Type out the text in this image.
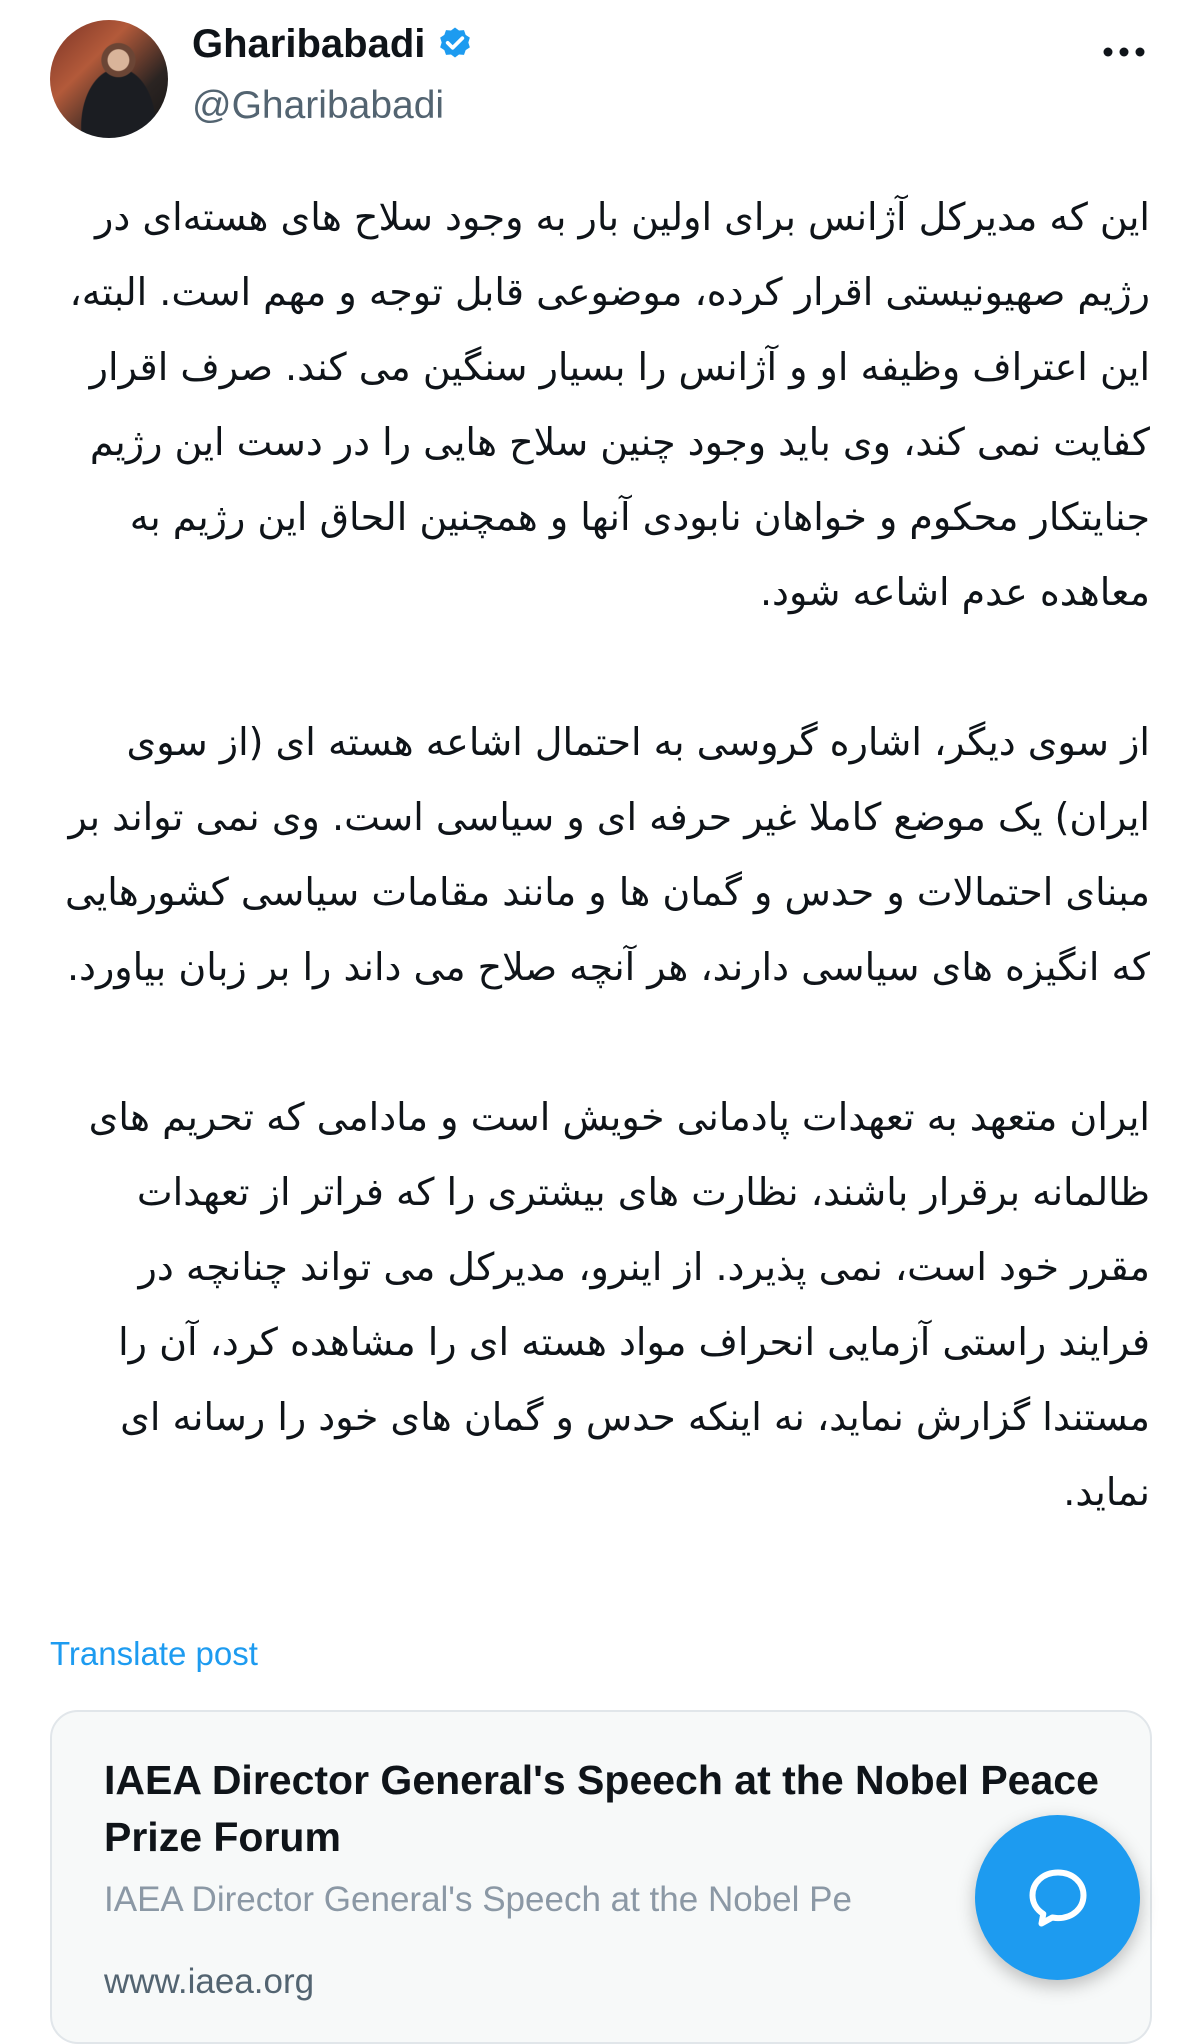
Gharibabadi
@Gharibabadi

این که مدیرکل آژانس برای اولین بار به وجود سلاح های هسته‌ای در رژیم صهیونیستی اقرار کرده، موضوعی قابل توجه و مهم است. البته، این اعتراف وظیفه او و آژانس را بسیار سنگین می کند. صرف اقرار کفایت نمی کند، وی باید وجود چنین سلاح هایی را در دست این رژیم جنایتکار محکوم و خواهان نابودی آنها و همچنین الحاق این رژیم به معاهده عدم اشاعه شود.

از سوی دیگر، اشاره گروسی به احتمال اشاعه هسته ای (از سوی ایران) یک موضع کاملا غیر حرفه ای و سیاسی است. وی نمی تواند بر مبنای احتمالات و حدس و گمان ها و مانند مقامات سیاسی کشورهایی که انگیزه های سیاسی دارند، هر آنچه صلاح می داند را بر زبان بیاورد.

ایران متعهد به تعهدات پادمانی خویش است و مادامی که تحریم های ظالمانه برقرار باشند، نظارت های بیشتری را که فراتر از تعهدات مقرر خود است، نمی پذیرد. از اینرو، مدیرکل می تواند چنانچه در فرایند راستی آزمایی انحراف مواد هسته ای را مشاهده کرد، آن را مستندا گزارش نماید، نه اینکه حدس و گمان های خود را رسانه ای نماید.

Translate post
IAEA Director General's Speech at the Nobel Peace Prize Forum
IAEA Director General's Speech at the Nobel Pe
www.iaea.org
